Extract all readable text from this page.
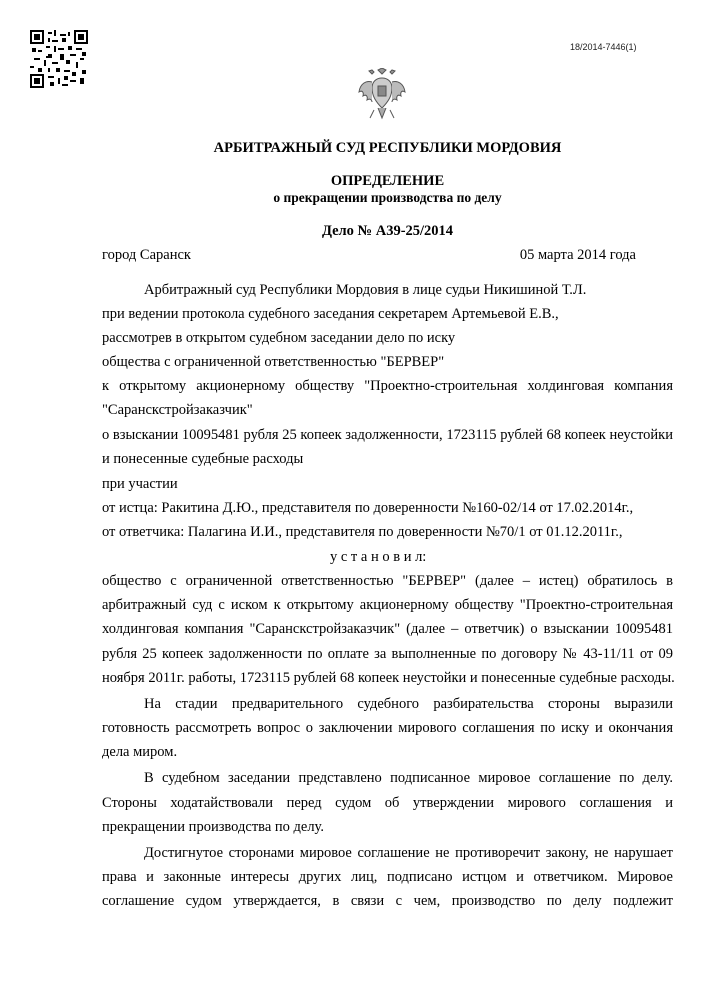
18/2014-7446(1)
АРБИТРАЖНЫЙ СУД РЕСПУБЛИКИ МОРДОВИЯ
ОПРЕДЕЛЕНИЕ
о прекращении производства по делу
Дело № А39-25/2014
город Саранск	05 марта 2014 года
Арбитражный суд Республики Мордовия в лице судьи Никишиной Т.Л.
при ведении протокола судебного заседания секретарем Артемьевой Е.В.,
рассмотрев в открытом судебном заседании дело по иску
общества с ограниченной ответственностью "БЕРВЕР"
к открытому акционерному обществу "Проектно-строительная холдинговая компания
"Саранскстройзаказчик"
о взыскании 10095481 рубля 25 копеек задолженности, 1723115 рублей 68 копеек неустойки
и понесенные судебные расходы
при участии
от истца: Ракитина Д.Ю., представителя по доверенности №160-02/14 от 17.02.2014г.,
от ответчика: Палагина И.И., представителя по доверенности №70/1 от 01.12.2011г.,
у с т а н о в и л:
общество с ограниченной ответственностью "БЕРВЕР" (далее – истец) обратилось в
арбитражный суд с иском к открытому акционерному обществу "Проектно-строительная
холдинговая компания "Саранскстройзаказчик" (далее – ответчик) о взыскании 10095481
рубля 25 копеек задолженности по оплате за выполненные по договору № 43-11/11 от 09
ноября 2011г. работы, 1723115 рублей 68 копеек неустойки и понесенные судебные расходы.
На стадии предварительного судебного разбирательства стороны выразили
готовность рассмотреть вопрос о заключении мирового соглашения по иску и окончания
дела миром.
В судебном заседании представлено подписанное мировое соглашение по делу.
Стороны ходатайствовали перед судом об утверждении мирового соглашения и
прекращении производства по делу.
Достигнутое сторонами мировое соглашение не противоречит закону, не нарушает
права и законные интересы других лиц, подписано истцом и ответчиком. Мировое
соглашение судом утверждается, в связи с чем, производство по делу подлежит
